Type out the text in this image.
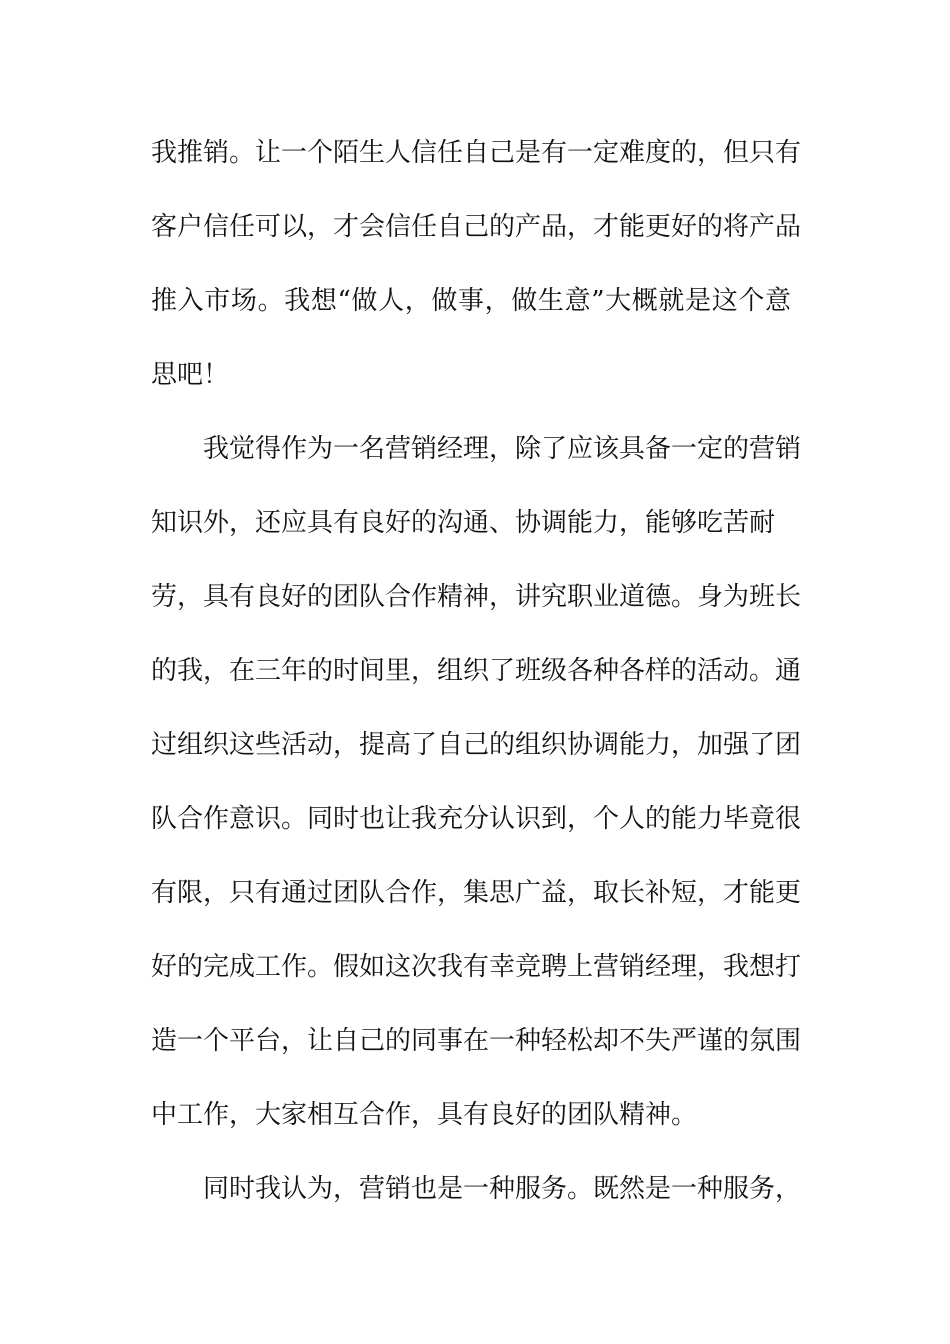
我推销。让一个陌生人信任自己是有一定难度的，但只有
客户信任可以，才会信任自己的产品，才能更好的将产品
推入市场。我想“做人，做事，做生意”大概就是这个意
思吧！
我觉得作为一名营销经理，除了应该具备一定的营销
知识外，还应具有良好的沟通、协调能力，能够吃苦耐
劳，具有良好的团队合作精神，讲究职业道德。身为班长
的我，在三年的时间里，组织了班级各种各样的活动。通
过组织这些活动，提高了自己的组织协调能力，加强了团
队合作意识。同时也让我充分认识到，个人的能力毕竟很
有限，只有通过团队合作，集思广益，取长补短，才能更
好的完成工作。假如这次我有幸竞聘上营销经理，我想打
造一个平台，让自己的同事在一种轻松却不失严谨的氛围
中工作，大家相互合作，具有良好的团队精神。
同时我认为，营销也是一种服务。既然是一种服务，
